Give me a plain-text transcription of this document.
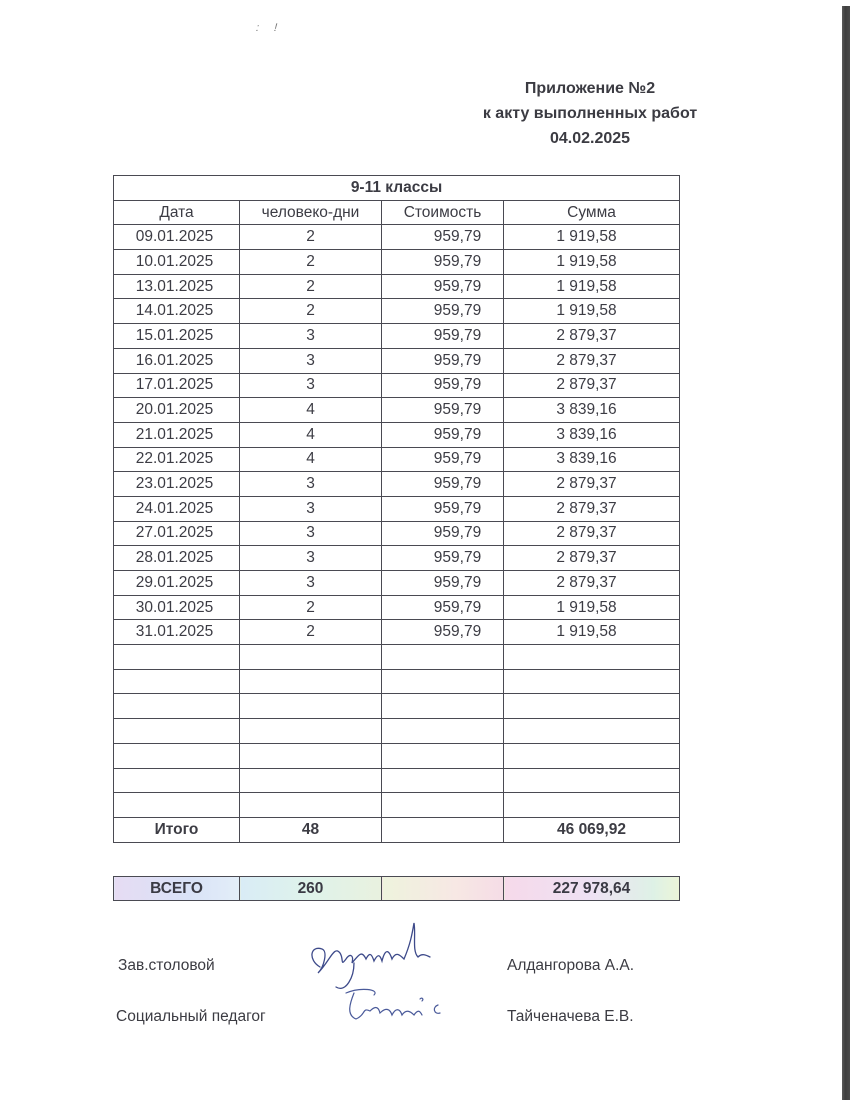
: !
Приложение №2
к акту выполненных работ
04.02.2025
9-11 классы			
Дата	человеко-дни	Стоимость	Сумма
09.01.2025	2	959,79	1 919,58
10.01.2025	2	959,79	1 919,58
13.01.2025	2	959,79	1 919,58
14.01.2025	2	959,79	1 919,58
15.01.2025	3	959,79	2 879,37
16.01.2025	3	959,79	2 879,37
17.01.2025	3	959,79	2 879,37
20.01.2025	4	959,79	3 839,16
21.01.2025	4	959,79	3 839,16
22.01.2025	4	959,79	3 839,16
23.01.2025	3	959,79	2 879,37
24.01.2025	3	959,79	2 879,37
27.01.2025	3	959,79	2 879,37
28.01.2025	3	959,79	2 879,37
29.01.2025	3	959,79	2 879,37
30.01.2025	2	959,79	1 919,58
31.01.2025	2	959,79	1 919,58

Итого	48		46 069,92
ВСЕГО	260		227 978,64
Зав.столовой	Алдангорова А.А.
Социальный педагог	Тайченачева Е.В.
